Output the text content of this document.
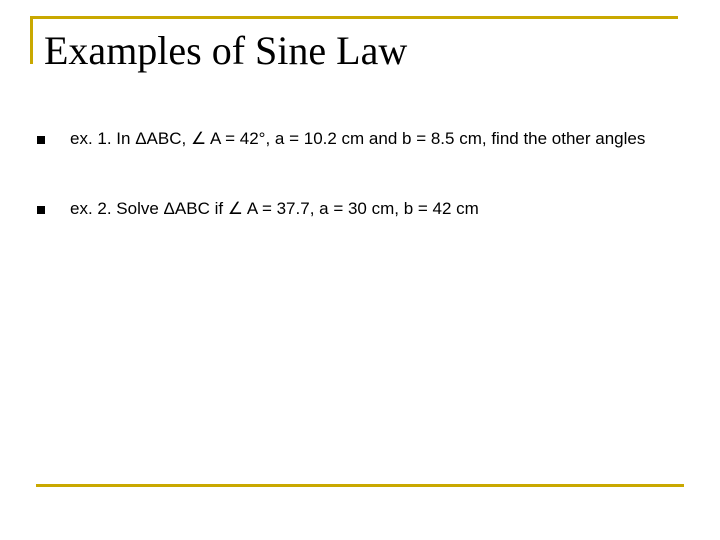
Examples of Sine Law
ex. 1. In ΔABC, ∠ A = 42°, a = 10.2 cm and b = 8.5 cm, find the other angles
ex. 2. Solve ΔABC if ∠ A = 37.7, a = 30 cm, b = 42 cm
